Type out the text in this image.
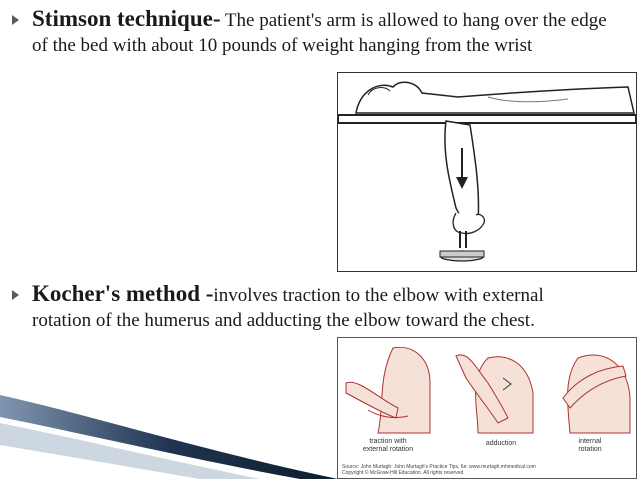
Stimson technique- The patient's arm is allowed to hang over the edge of the bed with about 10 pounds of weight hanging from the wrist
Kocher's method -involves traction to the elbow with external rotation of the humerus and adducting the elbow toward the chest.
traction with external rotation
adduction	internal rotation
Source: John Murtagh: John Murtagh's Practice Tips, 6e: www.murtagh.mhmedical.com
Copyright © McGraw-Hill Education. All rights reserved.
